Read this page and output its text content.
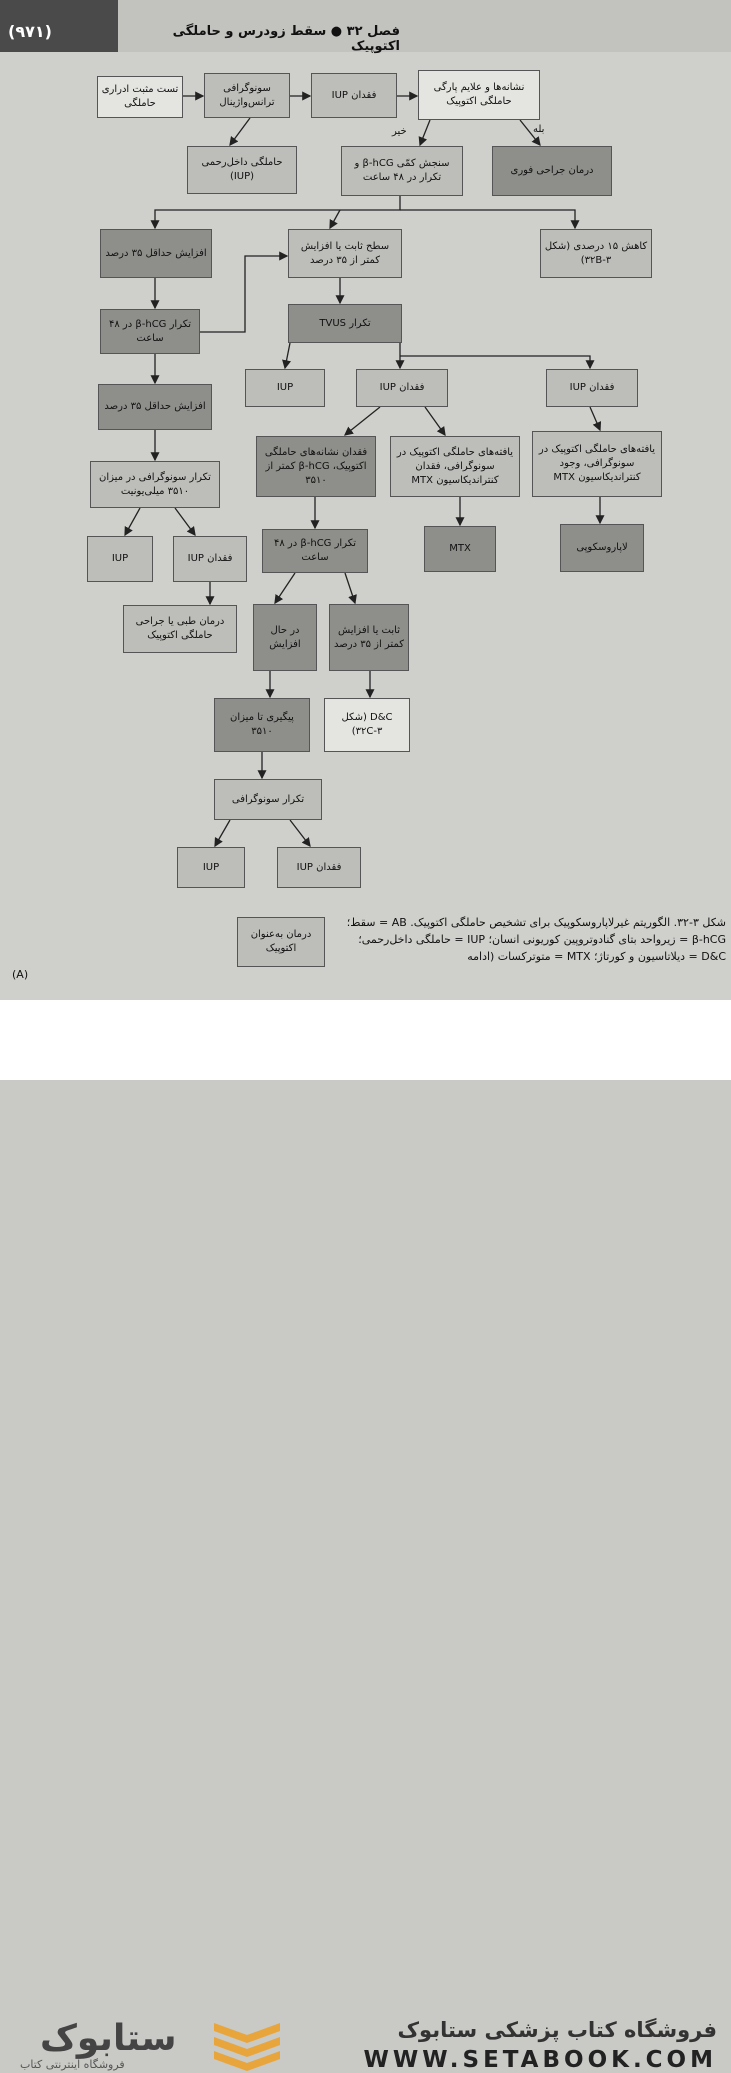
(۹۷۱)	فصل ۳۲ ● سقط زودرس و حاملگی اکتوپیک
تست مثبت ادراری حاملگی
سونوگرافی ترانس‌واژینال
فقدان IUP
نشانه‌ها و علایم پارگی حاملگی اکتوپیک
خیر	بله
حاملگی داخل‌رحمی (IUP)
سنجش کمّی β-hCG و تکرار در ۴۸ ساعت
درمان جراحی فوری
افزایش حداقل ۳۵ درصد
سطح ثابت یا افزایش کمتر از ۳۵ درصد
کاهش ۱۵ درصدی (شکل ۳-۳۲B)
تکرار β-hCG در ۴۸ ساعت
تکرار TVUS
IUP	فقدان IUP	فقدان IUP
افزایش حداقل ۳۵ درصد
فقدان نشانه‌های حاملگی اکتوپیک، β-hCG کمتر از ۳۵۱۰
یافته‌های حاملگی اکتوپیک در سونوگرافی، فقدان کنتراندیکاسیون MTX
یافته‌های حاملگی اکتوپیک در سونوگرافی، وجود کنتراندیکاسیون MTX
تکرار سونوگرافی در میزان ۳۵۱۰ میلی‌یونیت
تکرار β-hCG در ۴۸ ساعت
MTX	لاپاروسکوپی
IUP	فقدان IUP
درمان طبی یا جراحی حاملگی اکتوپیک	در حال افزایش
ثابت یا افزایش کمتر از ۳۵ درصد
پیگیری تا میزان ۳۵۱۰
D&C (شکل ۳-۳۲C)
تکرار سونوگرافی
IUP	فقدان IUP
درمان به‌عنوان اکتوپیک
شکل ۳-۳۲. الگوریتم غیرلاپاروسکوپیک برای تشخیص حاملگی اکتوپیک. AB = سقط؛ β-hCG = زیرواحد بتای گنادوتروپین کوریونی انسان؛ IUP = حاملگی داخل‌رحمی؛ D&C = دیلاتاسیون و کورتاژ؛ MTX = متوترکسات (ادامه
(A)
ستابوک
فروشگاه اینترنتی کتاب
فروشگاه کتاب پزشکی ستابوک
WWW.SETABOOK.COM
